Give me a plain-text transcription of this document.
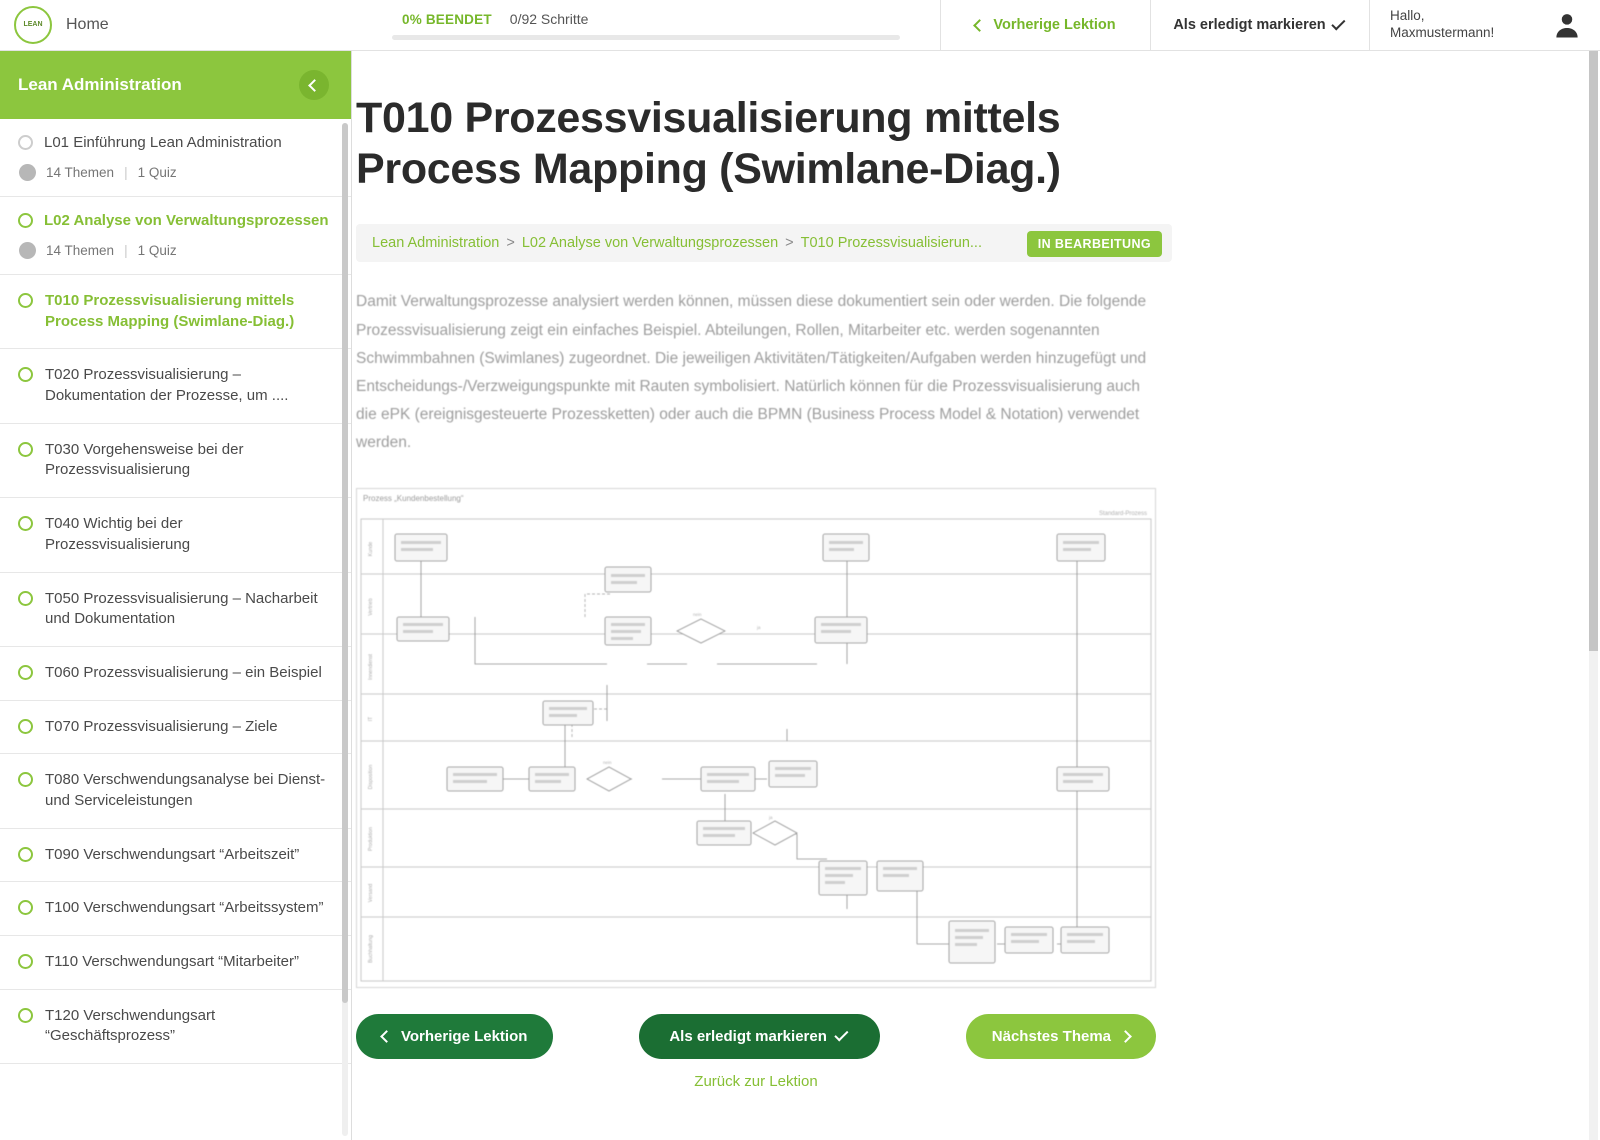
LEAN Home	0% BEENDET 0/92 Schritte	Vorherige Lektion	Als erledigt markieren
Hallo,
Maxmustermann!
Lean Administration
L01 Einführung Lean Administration
14 Themen | 1 Quiz
L02 Analyse von Verwaltungsprozessen
14 Themen | 1 Quiz
T010 Prozessvisualisierung mittels Process Mapping (Swimlane-Diag.)
T020 Prozessvisualisierung – Dokumentation der Prozesse, um ....
T030 Vorgehensweise bei der Prozessvisualisierung
T040 Wichtig bei der Prozessvisualisierung
T050 Prozessvisualisierung – Nacharbeit und Dokumentation
T060 Prozessvisualisierung – ein Beispiel
T070 Prozessvisualisierung – Ziele
T080 Verschwendungsanalyse bei Dienst- und Serviceleistungen
T090 Verschwendungsart “Arbeitszeit”
T100 Verschwendungsart “Arbeitssystem”
T110 Verschwendungsart “Mitarbeiter”
T120 Verschwendungsart “Geschäftsprozess”
T010 Prozessvisualisierung mittels Process Mapping (Swimlane-Diag.)
Lean Administration > L02 Analyse von Verwaltungsprozessen > T010 Prozessvisualisierun...	IN BEARBEITUNG
Damit Verwaltungsprozesse analysiert werden können, müssen diese dokumentiert sein oder werden. Die folgende Prozessvisualisierung zeigt ein einfaches Beispiel. Abteilungen, Rollen, Mitarbeiter etc. werden sogenannten Schwimmbahnen (Swimlanes) zugeordnet. Die jeweiligen Aktivitäten/Tätigkeiten/Aufgaben werden hinzugefügt und Entscheidungs-/Verzweigungspunkte mit Rauten symbolisiert. Natürlich können für die Prozessvisualisierung auch die ePK (ereignisgesteuerte Prozessketten) oder auch die BPMN (Business Process Model & Notation) verwendet werden.
Prozess „Kundenbestellung“
Standard-Prozess
Kunde
Vertrieb
Innendienst
IT
Disposition
Produktion
Versand
Buchhaltung
nein
ja
nein
ja
Vorherige Lektion	Als erledigt markieren	Nächstes Thema
Zurück zur Lektion
